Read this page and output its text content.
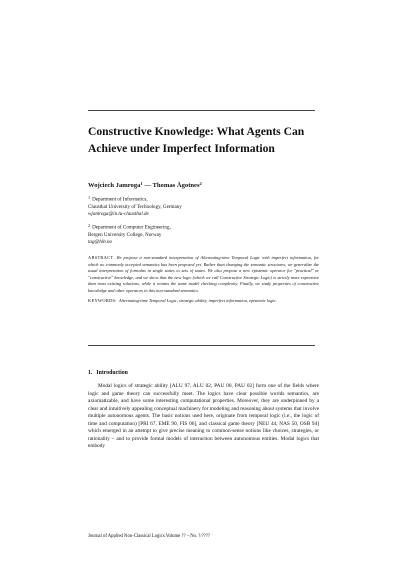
Constructive Knowledge: What Agents Can Achieve under Imperfect Information
Wojciech Jamroga$^1$ — Thomas Ågotnes$^2$
$^1$ Department of Informatics,
Clausthal University of Technology, Germany
wjamroga@in.tu-clausthal.de
$^2$ Department of Computer Engineering,
Bergen University College, Norway
tag@hib.no

ABSTRACT. We propose a non-standard interpretation of Alternating-time Temporal Logic with imperfect information, for which no commonly accepted semantics has been proposed yet. Rather than changing the semantic structures, we generalize the usual interpretation of formulas in single states to sets of states. We also propose a new epistemic operator for "practical" or "constructive" knowledge, and we show that the new logic (which we call Constructive Strategic Logic) is strictly more expressive than most existing solutions, while it retains the same model checking complexity. Finally, we study properties of constructive knowledge and other operators in this non-standard semantics.

KEYWORDS: Alternating-time Temporal Logic, strategic ability, imperfect information, epistemic logic.

1. Introduction

Modal logics of strategic ability [ALU 97, ALU 02, PAU 00, PAU 02] form one of the fields where logic and game theory can successfully meet. The logics have clear possible worlds semantics, are axiomatizable, and have some interesting computational properties. Moreover, they are underpinned by a clear and intuitively appealing conceptual machinery for modeling and reasoning about systems that involve multiple autonomous agents. The basic notions used here, originate from temporal logic (i.e., the logic of time and computation) [PRI 67, EME 90, FIS 06], and classical game theory [NEU 44, NAS 50, OSB 94] which emerged in an attempt to give precise meaning to common-sense notions like choices, strategies, or rationality – and to provide formal models of interaction between autonomous entities. Modal logics that embody

Journal of Applied Non-Classical Logics.Volume ?? – No. ?/????
